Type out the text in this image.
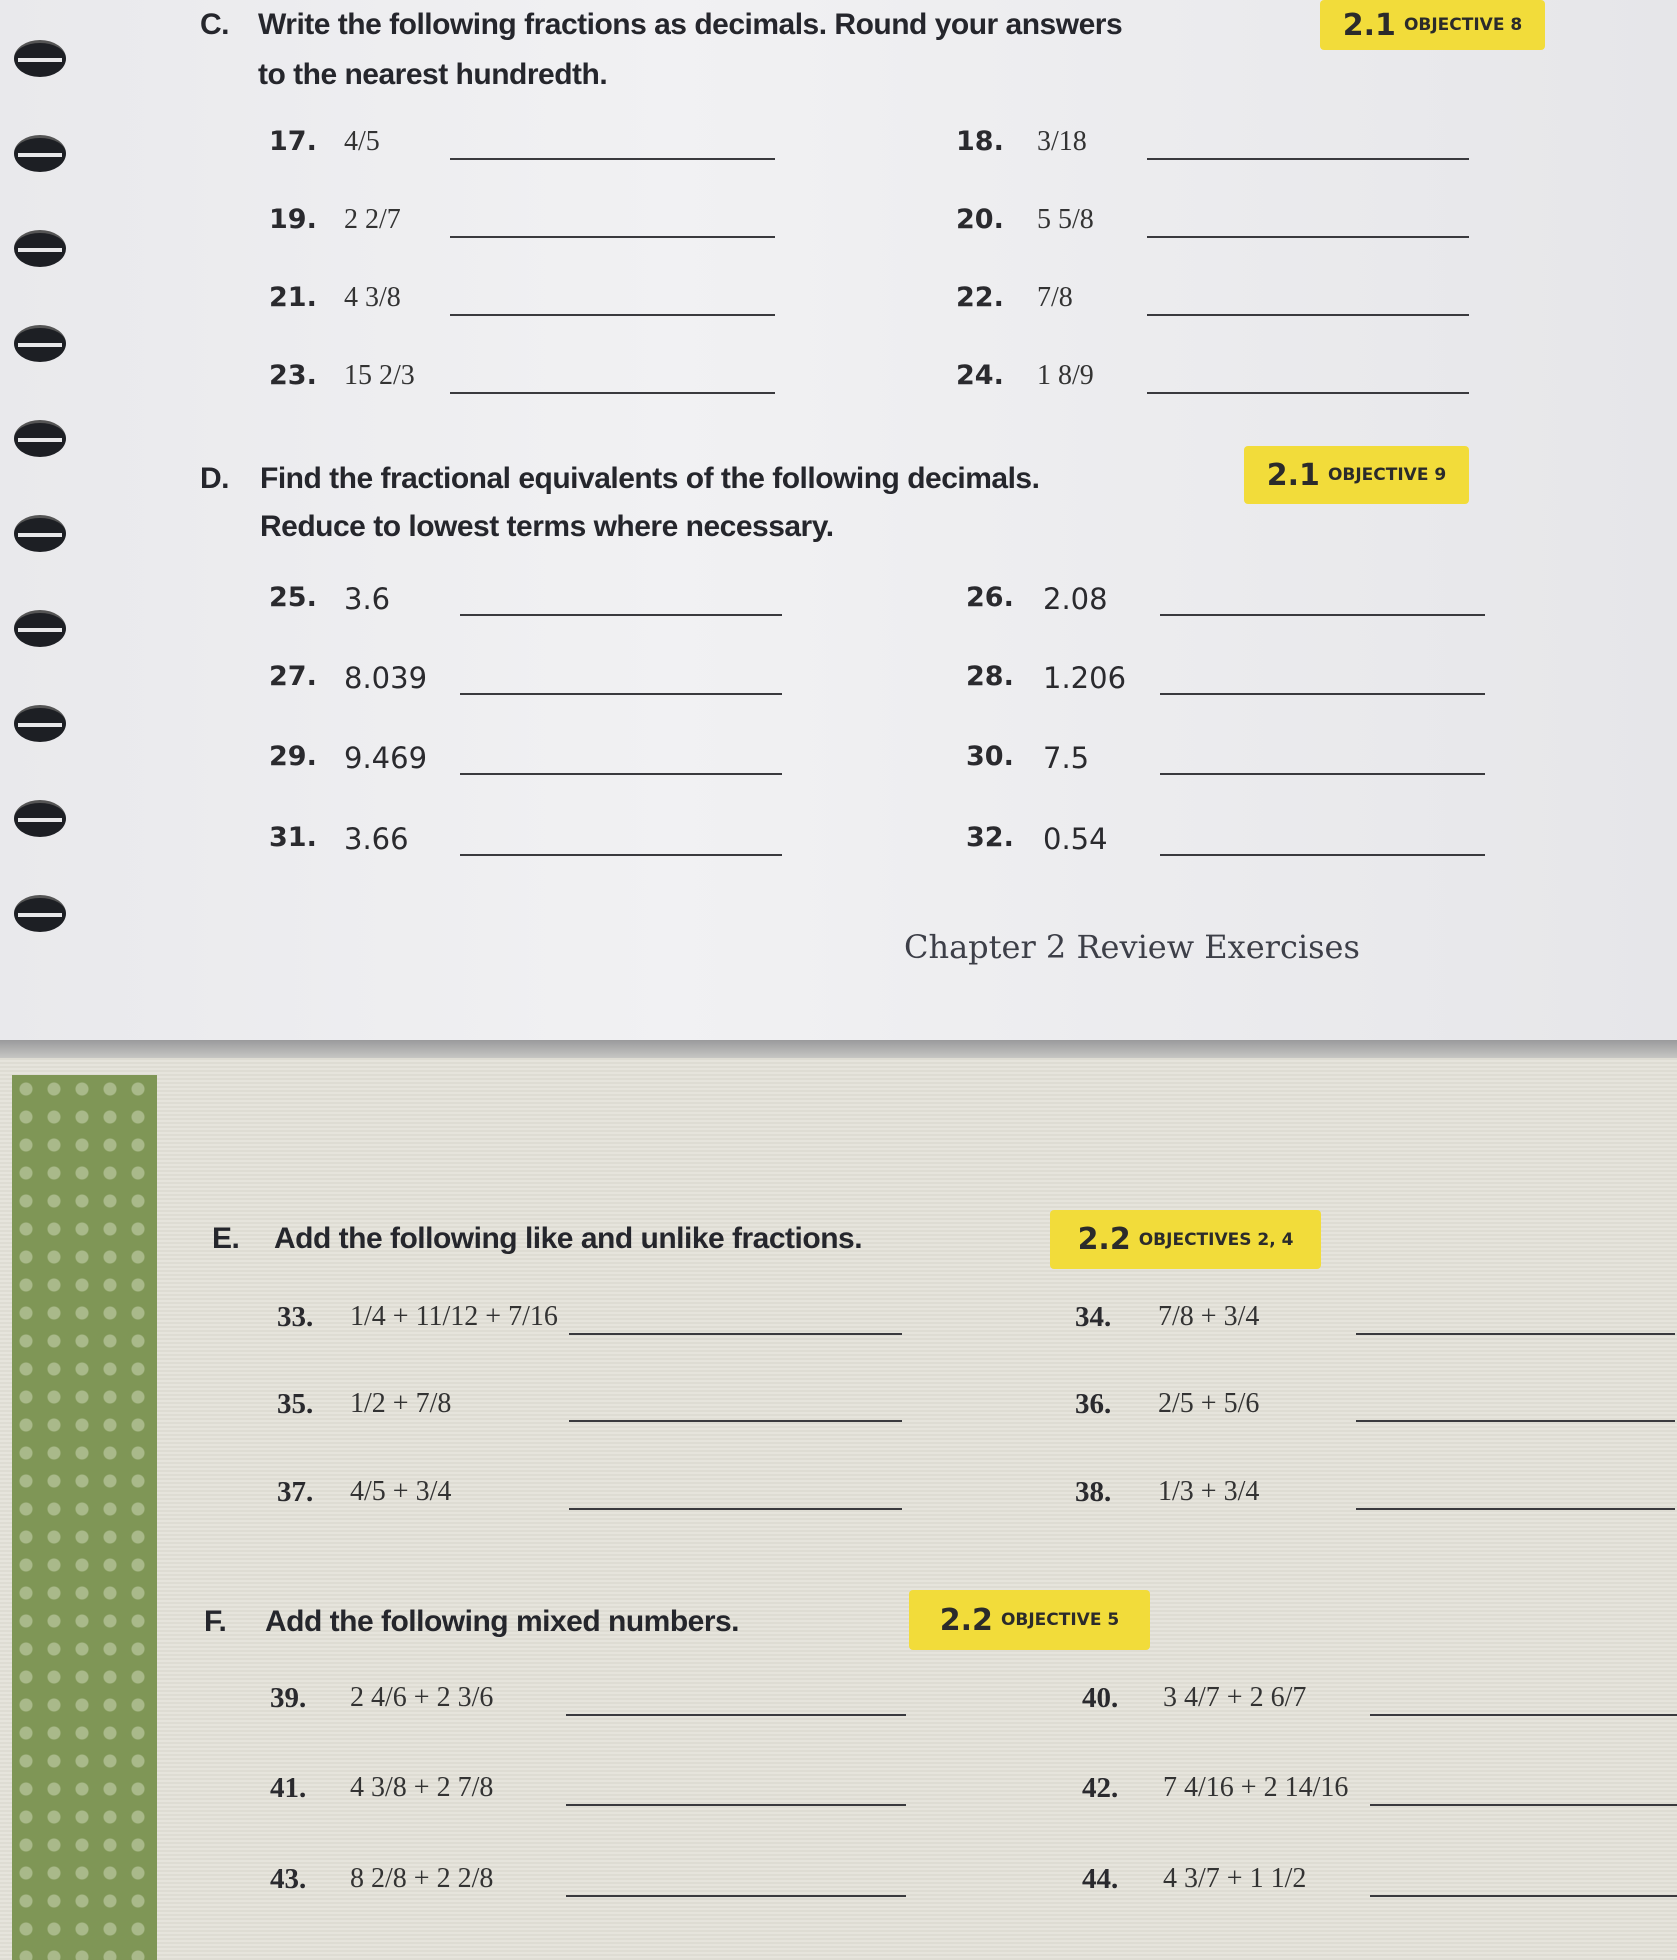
C. Write the following fractions as decimals. Round your answers
to the nearest hundredth.
2.1 OBJECTIVE 8
D. Find the fractional equivalents of the following decimals.
Reduce to lowest terms where necessary.
2.1 OBJECTIVE 9
Chapter 2 Review Exercises
E. Add the following like and unlike fractions.	2.2 OBJECTIVES 2, 4
F. Add the following mixed numbers.	2.2 OBJECTIVE 5
17. 4/5	18. 3/18
19. 2 2/7	20. 5 5/8
21. 4 3/8	22. 7/8
23. 15 2/3	24. 1 8/9
25. 3.6	26. 2.08
27. 8.039	28. 1.206
29. 9.469	30. 7.5
31. 3.66	32. 0.54
33. 1/4 + 11/12 + 7/16	34. 7/8 + 3/4
35. 1/2 + 7/8	36. 2/5 + 5/6
37. 4/5 + 3/4	38. 1/3 + 3/4
39. 2 4/6 + 2 3/6	40. 3 4/7 + 2 6/7
41. 4 3/8 + 2 7/8	42. 7 4/16 + 2 14/16
43. 8 2/8 + 2 2/8	44. 4 3/7 + 1 1/2
